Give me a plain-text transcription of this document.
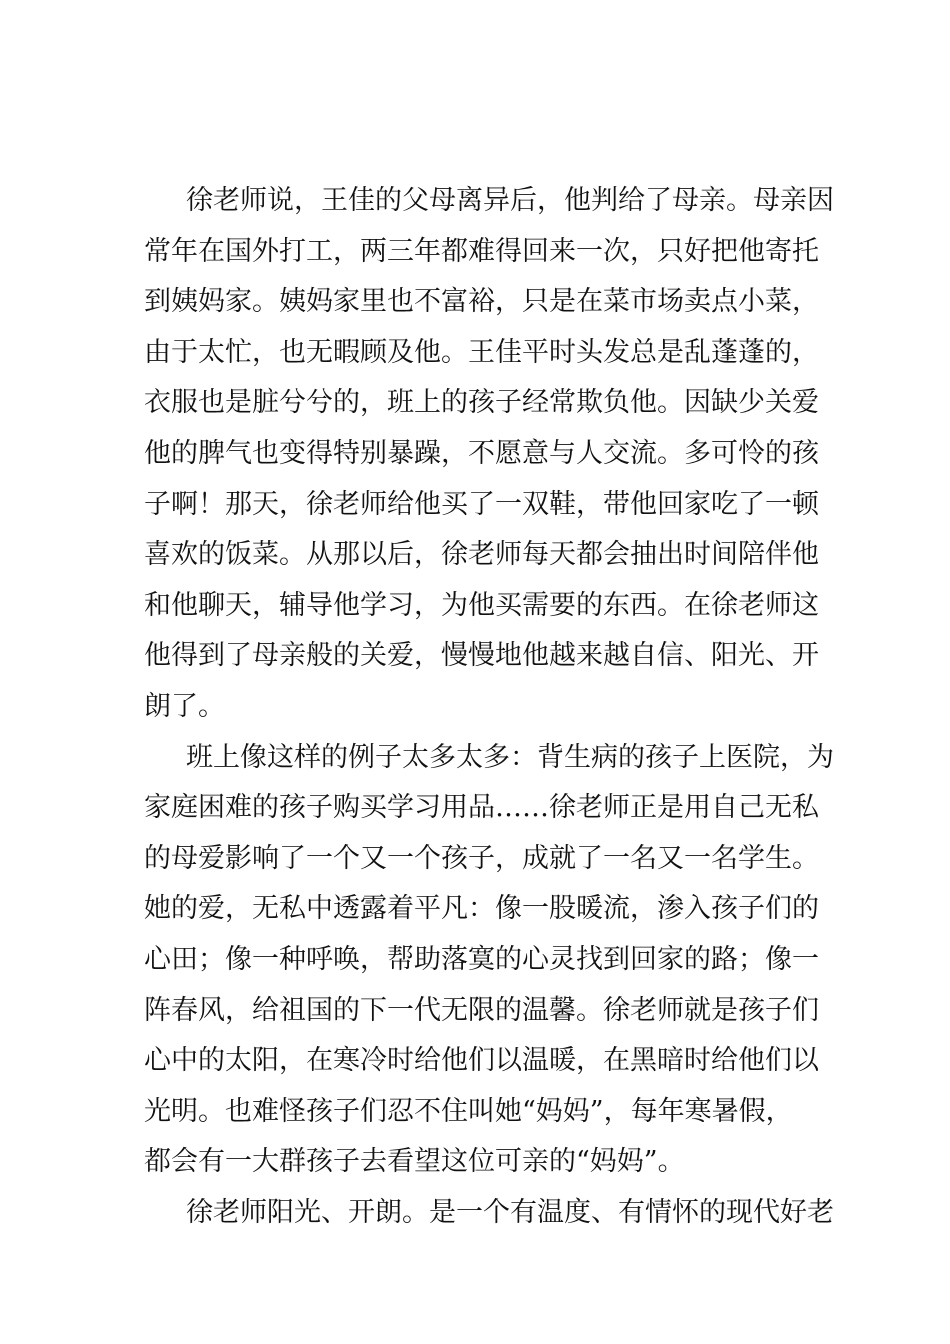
徐老师说，王佳的父母离异后，他判给了母亲。母亲因
常年在国外打工，两三年都难得回来一次，只好把他寄托
到姨妈家。姨妈家里也不富裕，只是在菜市场卖点小菜，
由于太忙，也无暇顾及他。王佳平时头发总是乱蓬蓬的，
衣服也是脏兮兮的，班上的孩子经常欺负他。因缺少关爱
他的脾气也变得特别暴躁，不愿意与人交流。多可怜的孩
子啊！那天，徐老师给他买了一双鞋，带他回家吃了一顿
喜欢的饭菜。从那以后，徐老师每天都会抽出时间陪伴他
和他聊天，辅导他学习，为他买需要的东西。在徐老师这
他得到了母亲般的关爱，慢慢地他越来越自信、阳光、开
朗了。
班上像这样的例子太多太多：背生病的孩子上医院，为
家庭困难的孩子购买学习用品……徐老师正是用自己无私
的母爱影响了一个又一个孩子，成就了一名又一名学生。
她的爱，无私中透露着平凡：像一股暖流，渗入孩子们的
心田；像一种呼唤，帮助落寞的心灵找到回家的路；像一
阵春风，给祖国的下一代无限的温馨。徐老师就是孩子们
心中的太阳，在寒冷时给他们以温暖，在黑暗时给他们以
光明。也难怪孩子们忍不住叫她“妈妈”，每年寒暑假，
都会有一大群孩子去看望这位可亲的“妈妈”。
徐老师阳光、开朗。是一个有温度、有情怀的现代好老
